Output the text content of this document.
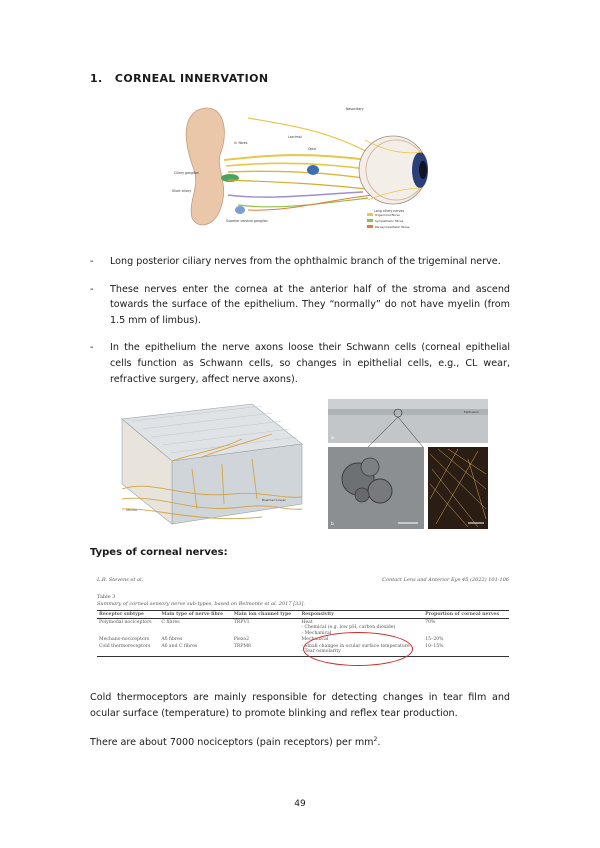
1. CORNEAL INNERVATION
Nasociliary
Lacrimal
Optic
V₁ fibres
Ciliary ganglion
Superior cervical ganglion
Short ciliary
Long ciliary nerves
Trigeminal fibres
Sympathetic fibres
Parasympathetic fibres
-	Long posterior ciliary nerves from the ophthalmic branch of the trigeminal nerve.
-	These nerves enter the cornea at the anterior half of the stroma and ascend towards the surface of the epithelium. They “normally” do not have myelin (from 1.5 mm of limbus).
-	In the epithelium the nerve axons loose their Schwann cells (corneal epithelial cells function as Schwann cells, so changes in epithelial cells, e.g., CL wear, refractive surgery, affect nerve axons).
Stroma
Bowman's layer
a
Epithelium
b
Types of corneal nerves:
L.R. Stevens et al.	Contact Lens and Anterior Eye 45 (2022) 101-106
Table 3
Summary of corneal sensory nerve sub-types, based on Belmonte et al. 2017 [33].
Receptor subtype	Main type of nerve fibre	Main ion channel type	Responsivity	Proportion of corneal nerves
Polymodal nociceptors	C fibres	TRPV1	Heat
- Chemical (e.g. low pH, carbon dioxide)
- Mechanical	70%
Mechano-nociceptors	Aδ fibres	Piezo2	Mechanical	15–20%
Cold thermoreceptors	Aδ and C fibres	TRPM8	- Small changes in ocular surface temperature
- Tear osmolarity	10–15%
Cold thermoceptors are mainly responsible for detecting changes in tear film and ocular surface (temperature) to promote blinking and reflex tear production.
There are about 7000 nociceptors (pain receptors) per $mm^2$.
49
